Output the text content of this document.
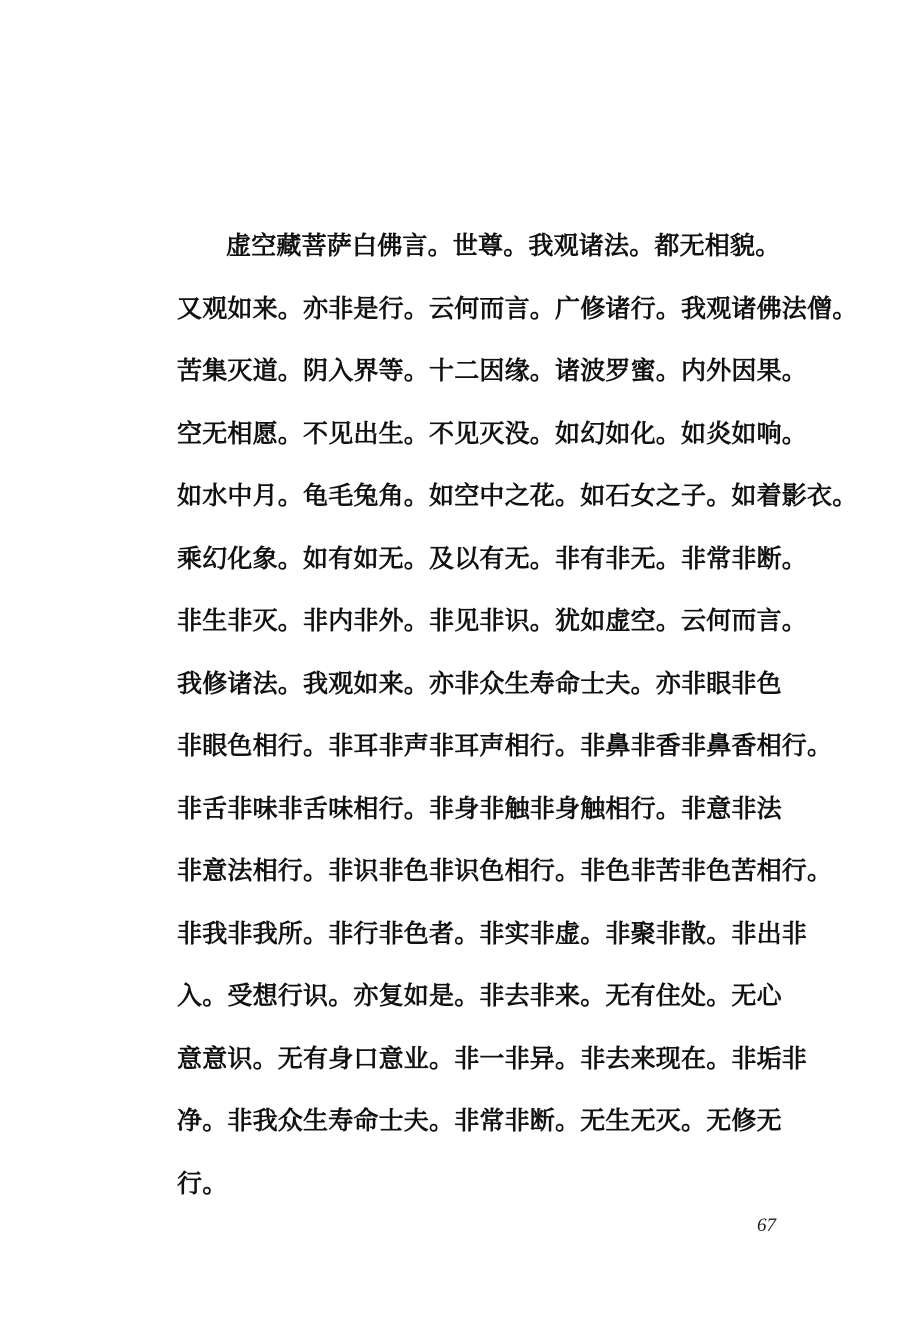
虚空藏菩萨白佛言。世尊。我观诸法。都无相貌。
又观如来。亦非是行。云何而言。广修诸行。我观诸佛法僧。
苦集灭道。阴入界等。十二因缘。诸波罗蜜。内外因果。
空无相愿。不见出生。不见灭没。如幻如化。如炎如响。
如水中月。龟毛兔角。如空中之花。如石女之子。如着影衣。
乘幻化象。如有如无。及以有无。非有非无。非常非断。
非生非灭。非内非外。非见非识。犹如虚空。云何而言。
我修诸法。我观如来。亦非众生寿命士夫。亦非眼非色
非眼色相行。非耳非声非耳声相行。非鼻非香非鼻香相行。
非舌非味非舌味相行。非身非触非身触相行。非意非法
非意法相行。非识非色非识色相行。非色非苦非色苦相行。
非我非我所。非行非色者。非实非虚。非聚非散。非出非
入。受想行识。亦复如是。非去非来。无有住处。无心
意意识。无有身口意业。非一非异。非去来现在。非垢非
净。非我众生寿命士夫。非常非断。无生无灭。无修无
行。
67
